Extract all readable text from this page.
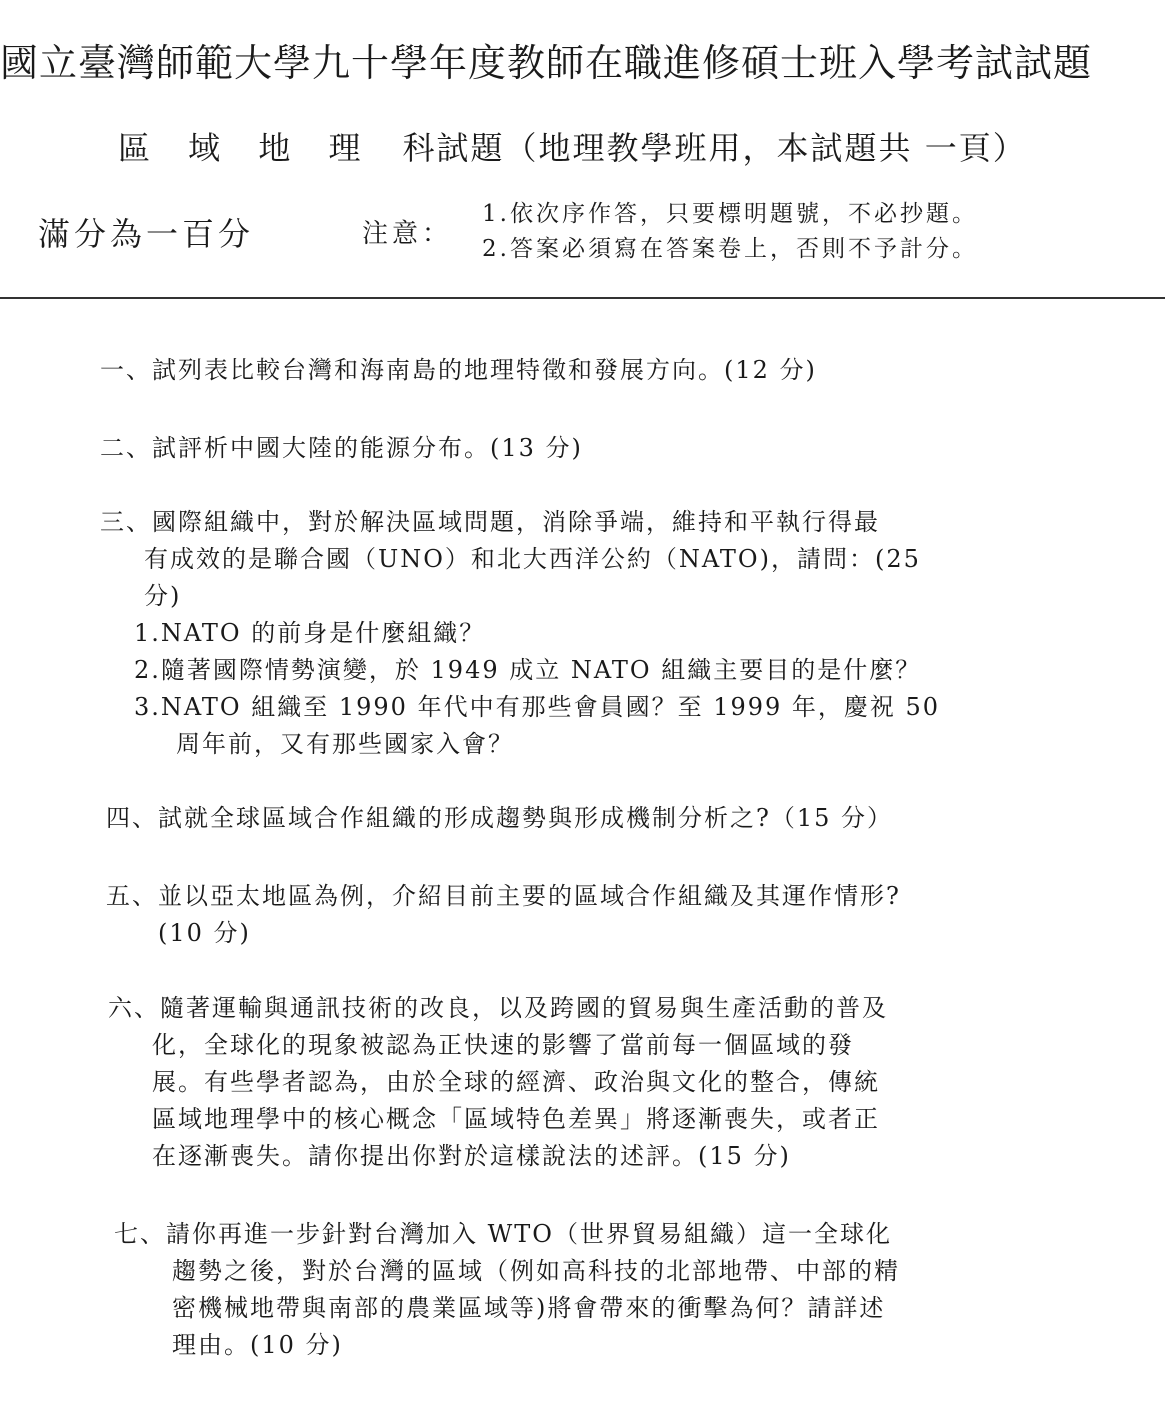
國立臺灣師範大學九十學年度教師在職進修碩士班入學考試試題
區 域 地 理 科試題（地理教學班用，本試題共 一頁）
滿分為一百分	注意：
1.依次序作答，只要標明題號，不必抄題。
2.答案必須寫在答案卷上，否則不予計分。
一、試列表比較台灣和海南島的地理特徵和發展方向。(12 分)
二、試評析中國大陸的能源分布。(13 分)
三、國際組織中，對於解決區域問題，消除爭端，維持和平執行得最
有成效的是聯合國（UNO）和北大西洋公約（NATO)，請問：(25
分)
1.NATO 的前身是什麼組織？
2.隨著國際情勢演變，於 1949 成立 NATO 組織主要目的是什麼？
3.NATO 組織至 1990 年代中有那些會員國？至 1999 年，慶祝 50
周年前，又有那些國家入會？
四、試就全球區域合作組織的形成趨勢與形成機制分析之?（15 分）
五、並以亞太地區為例，介紹目前主要的區域合作組織及其運作情形?
(10 分)
六、隨著運輸與通訊技術的改良，以及跨國的貿易與生產活動的普及
化，全球化的現象被認為正快速的影響了當前每一個區域的發
展。有些學者認為，由於全球的經濟、政治與文化的整合，傳統
區域地理學中的核心概念「區域特色差異」將逐漸喪失，或者正
在逐漸喪失。請你提出你對於這樣說法的述評。(15 分)
七、請你再進一步針對台灣加入 WTO（世界貿易組織）這一全球化
趨勢之後，對於台灣的區域（例如高科技的北部地帶、中部的精
密機械地帶與南部的農業區域等)將會帶來的衝擊為何？請詳述
理由。(10 分)
